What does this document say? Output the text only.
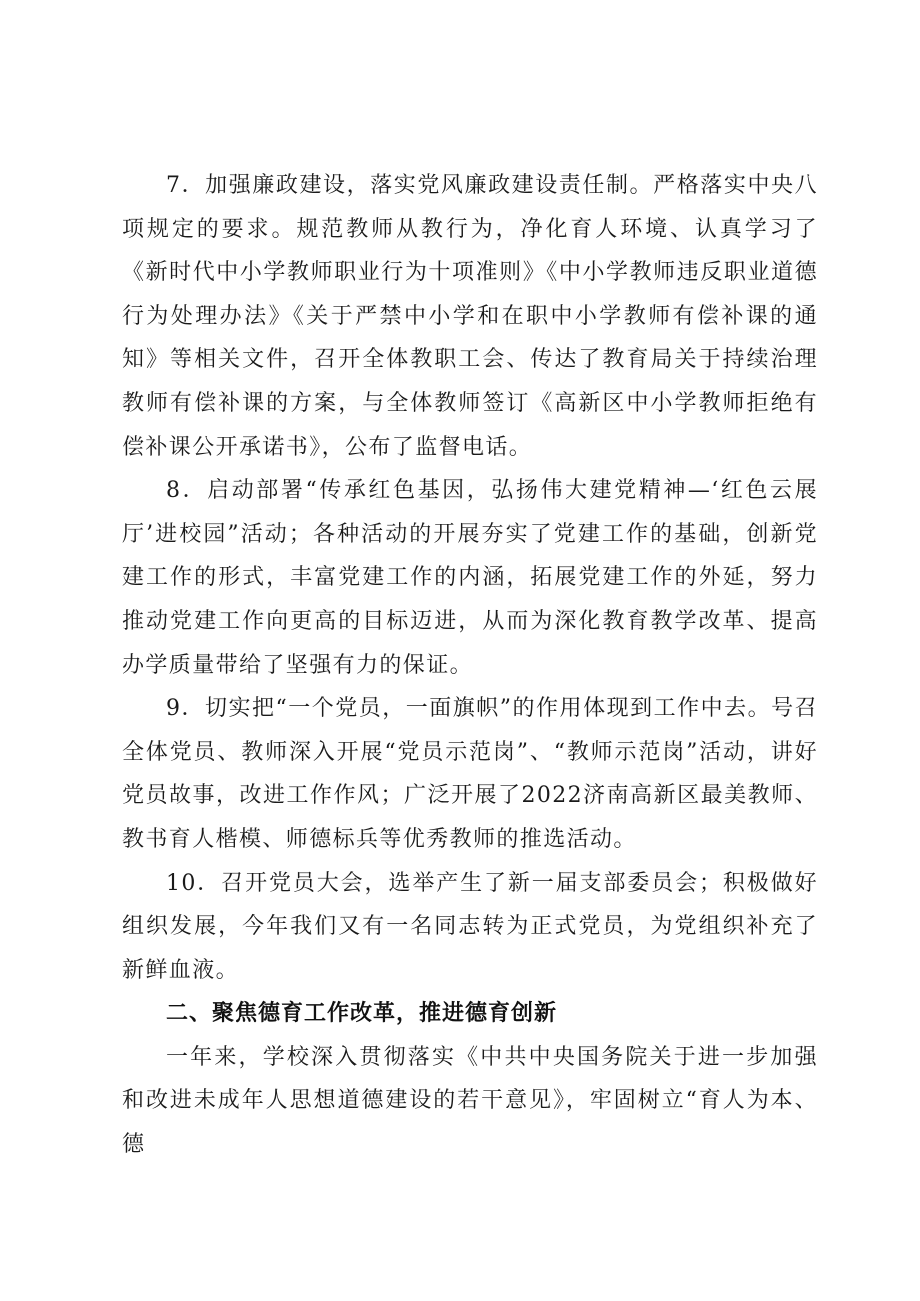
7．加强廉政建设，落实党风廉政建设责任制。严格落实中央八项规定的要求。规范教师从教行为，净化育人环境、认真学习了《新时代中小学教师职业行为十项准则》《中小学教师违反职业道德行为处理办法》《关于严禁中小学和在职中小学教师有偿补课的通知》等相关文件，召开全体教职工会、传达了教育局关于持续治理教师有偿补课的方案，与全体教师签订《高新区中小学教师拒绝有偿补课公开承诺书》，公布了监督电话。

8．启动部署“传承红色基因，弘扬伟大建党精神—‘红色云展厅’进校园”活动；各种活动的开展夯实了党建工作的基础，创新党建工作的形式，丰富党建工作的内涵，拓展党建工作的外延，努力推动党建工作向更高的目标迈进，从而为深化教育教学改革、提高办学质量带给了坚强有力的保证。

9．切实把“一个党员，一面旗帜”的作用体现到工作中去。号召全体党员、教师深入开展“党员示范岗”、“教师示范岗”活动，讲好党员故事，改进工作作风；广泛开展了2022济南高新区最美教师、教书育人楷模、师德标兵等优秀教师的推选活动。

10．召开党员大会，选举产生了新一届支部委员会；积极做好组织发展，今年我们又有一名同志转为正式党员，为党组织补充了新鲜血液。

二、聚焦德育工作改革，推进德育创新

一年来，学校深入贯彻落实《中共中央国务院关于进一步加强和改进未成年人思想道德建设的若干意见》，牢固树立“育人为本、德
